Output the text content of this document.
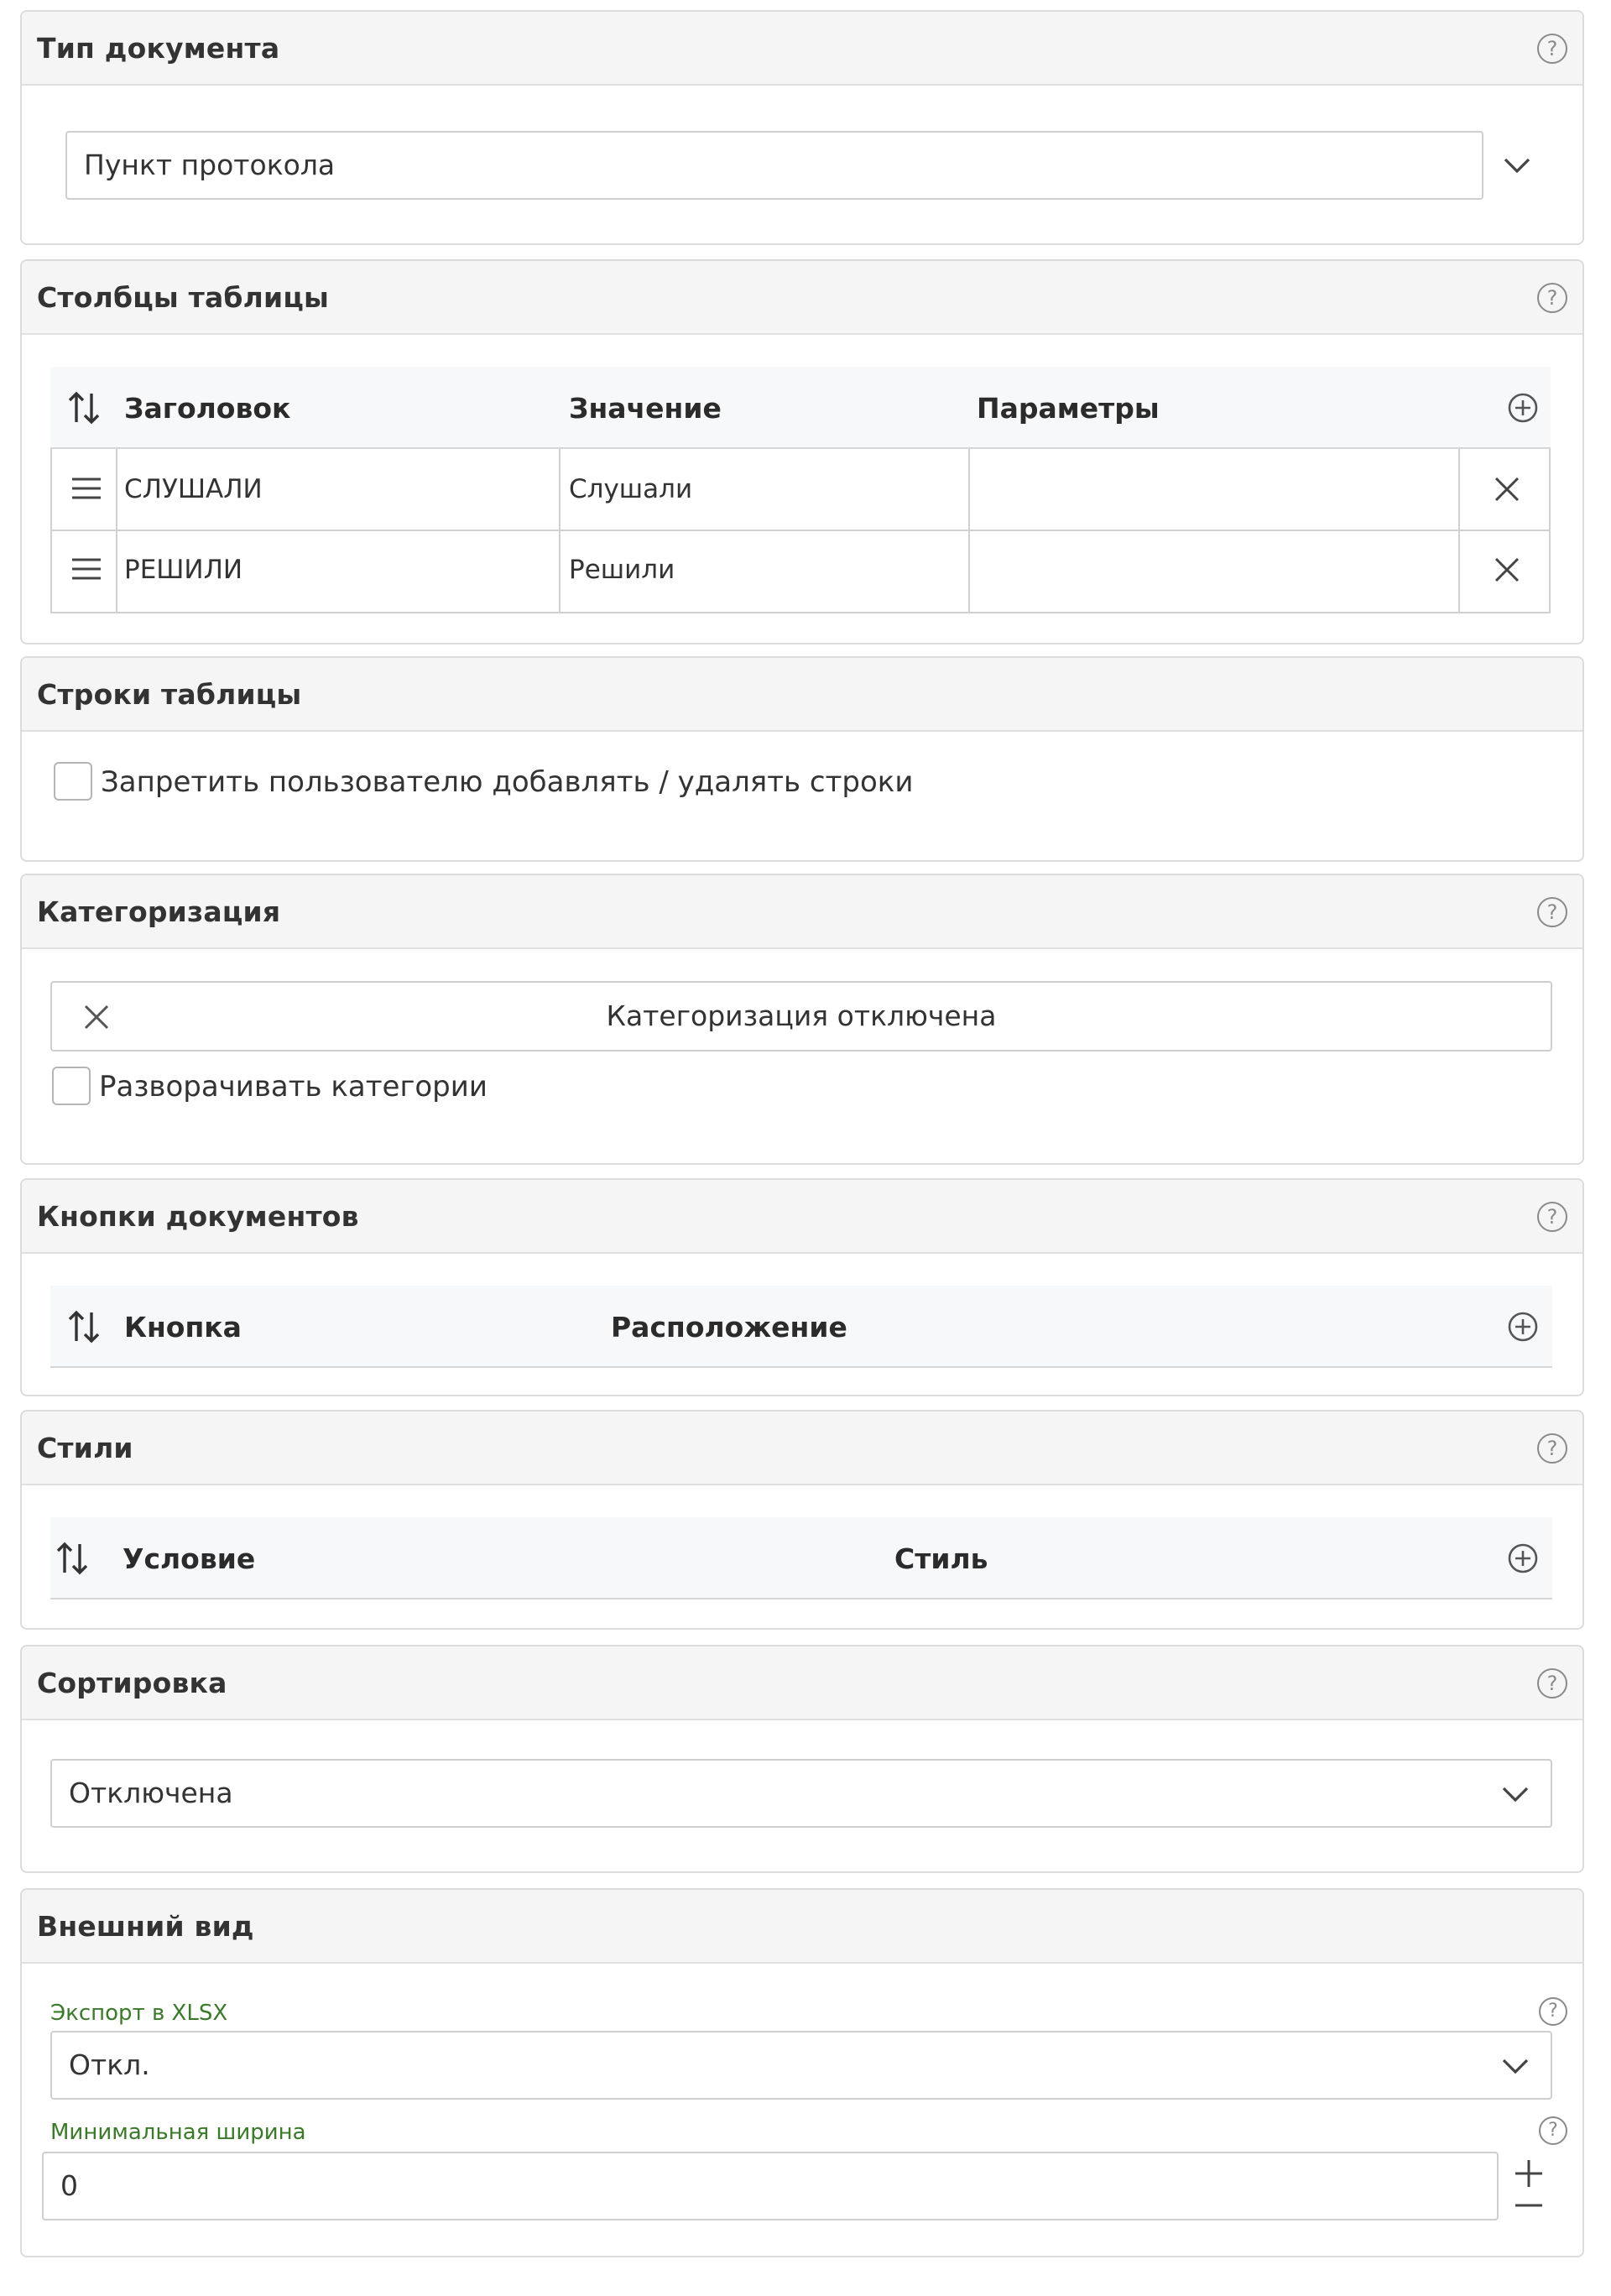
Тип документа	?
Пункт протокола
Столбцы таблицы	?
Заголовок	Значение	Параметры
СЛУШАЛИ	Слушали
РЕШИЛИ	Решили
Строки таблицы
Запретить пользователю добавлять / удалять строки
Категоризация	?
Категоризация отключена
Разворачивать категории
Кнопки документов	?
Кнопка	Расположение
Стили	?
Условие	Стиль
Сортировка	?
Отключена
Внешний вид
Экспорт в XLSX	?
Откл.
Минимальная ширина	?
0
